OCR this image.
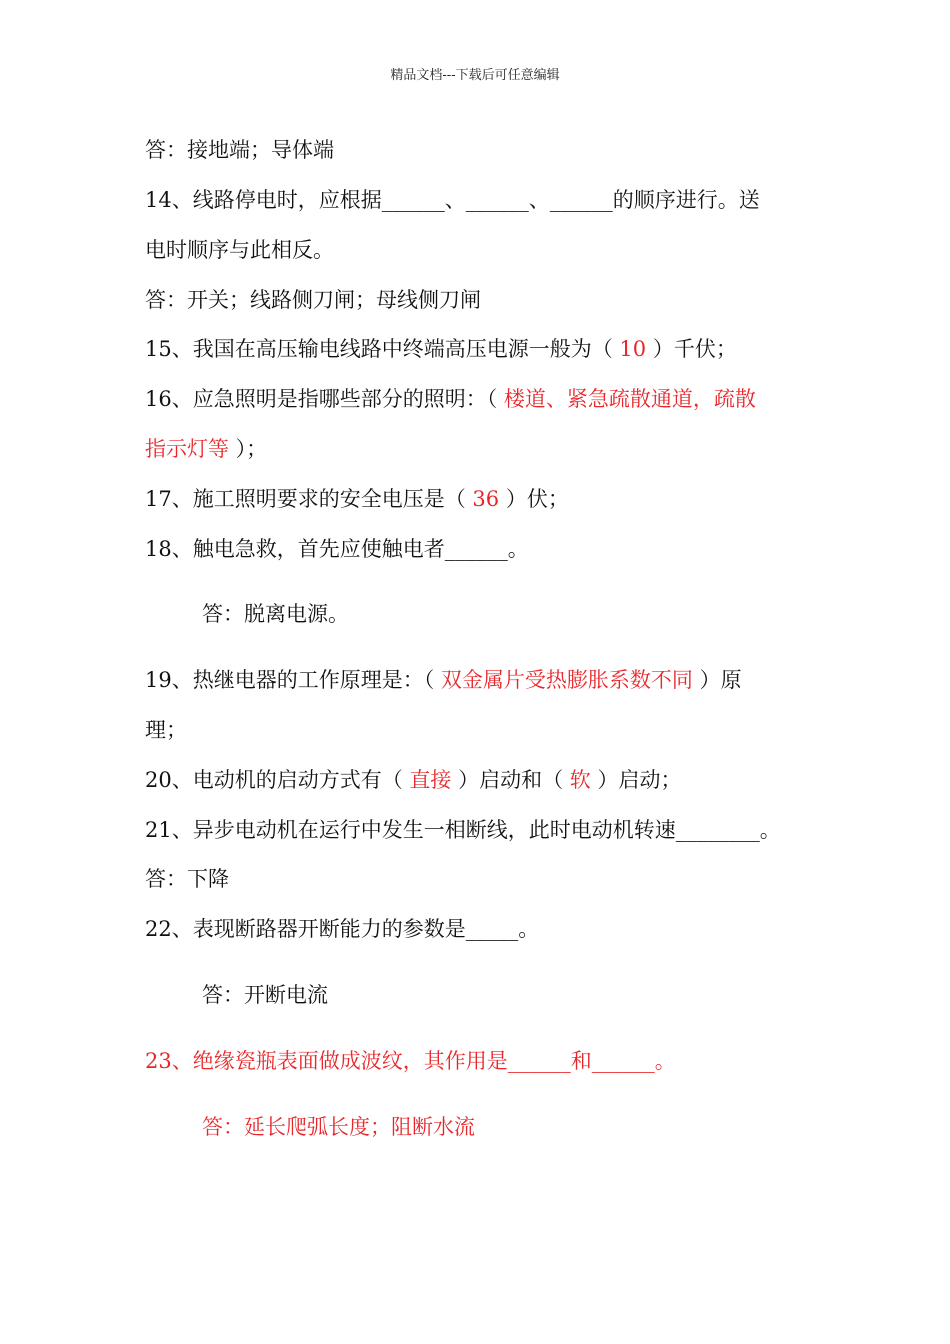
精品文档---下载后可任意编辑
答：接地端；导体端
14、线路停电时，应根据______、______、______的顺序进行。送
电时顺序与此相反。
答：开关；线路侧刀闸；母线侧刀闸
15、我国在高压输电线路中终端高压电源一般为（ 10 ）千伏；
16、应急照明是指哪些部分的照明：（ 楼道、紧急疏散通道，疏散
指示灯等 ）；
17、施工照明要求的安全电压是（ 36 ）伏；
18、触电急救，首先应使触电者______。
答：脱离电源。
19、热继电器的工作原理是：（ 双金属片受热膨胀系数不同 ）原
理；
20、电动机的启动方式有（ 直接 ）启动和（ 软 ）启动；
21、异步电动机在运行中发生一相断线，此时电动机转速________。
答：下降
22、表现断路器开断能力的参数是_____。
答：开断电流
23、绝缘瓷瓶表面做成波纹，其作用是______和______。
答：延长爬弧长度；阻断水流
